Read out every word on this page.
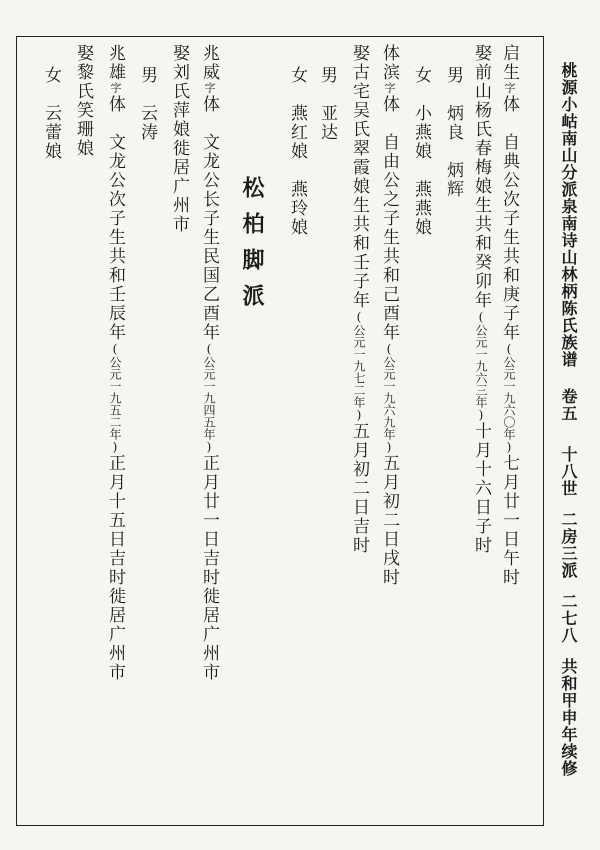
桃源小岵南山分派泉南诗山林柄陈氏族谱卷五十八世二房三派二七八共和甲申年续修
启生字体　自典公次子生共和庚子年(公元一九六〇年)七月廿一日午时
娶前山杨氏春梅娘生共和癸卯年(公元一九六三年)十月十六日子时
男　炳良　炳辉
女　小燕娘　燕燕娘
体滨字体　自由公之子生共和己酉年(公元一九六九年)五月初二日戌时
娶古宅吴氏翠霞娘生共和壬子年(公元一九七二年)五月初二日吉时
男　亚达
女　燕红娘　燕玲娘
松柏脚派
兆威字体　文龙公长子生民国乙酉年(公元一九四五年)正月廿一日吉时徙居广州市
娶刘氏萍娘徙居广州市
男　云涛
兆雄字体　文龙公次子生共和壬辰年(公元一九五二年)正月十五日吉时徙居广州市
娶黎氏笑珊娘
女　云蕾娘
